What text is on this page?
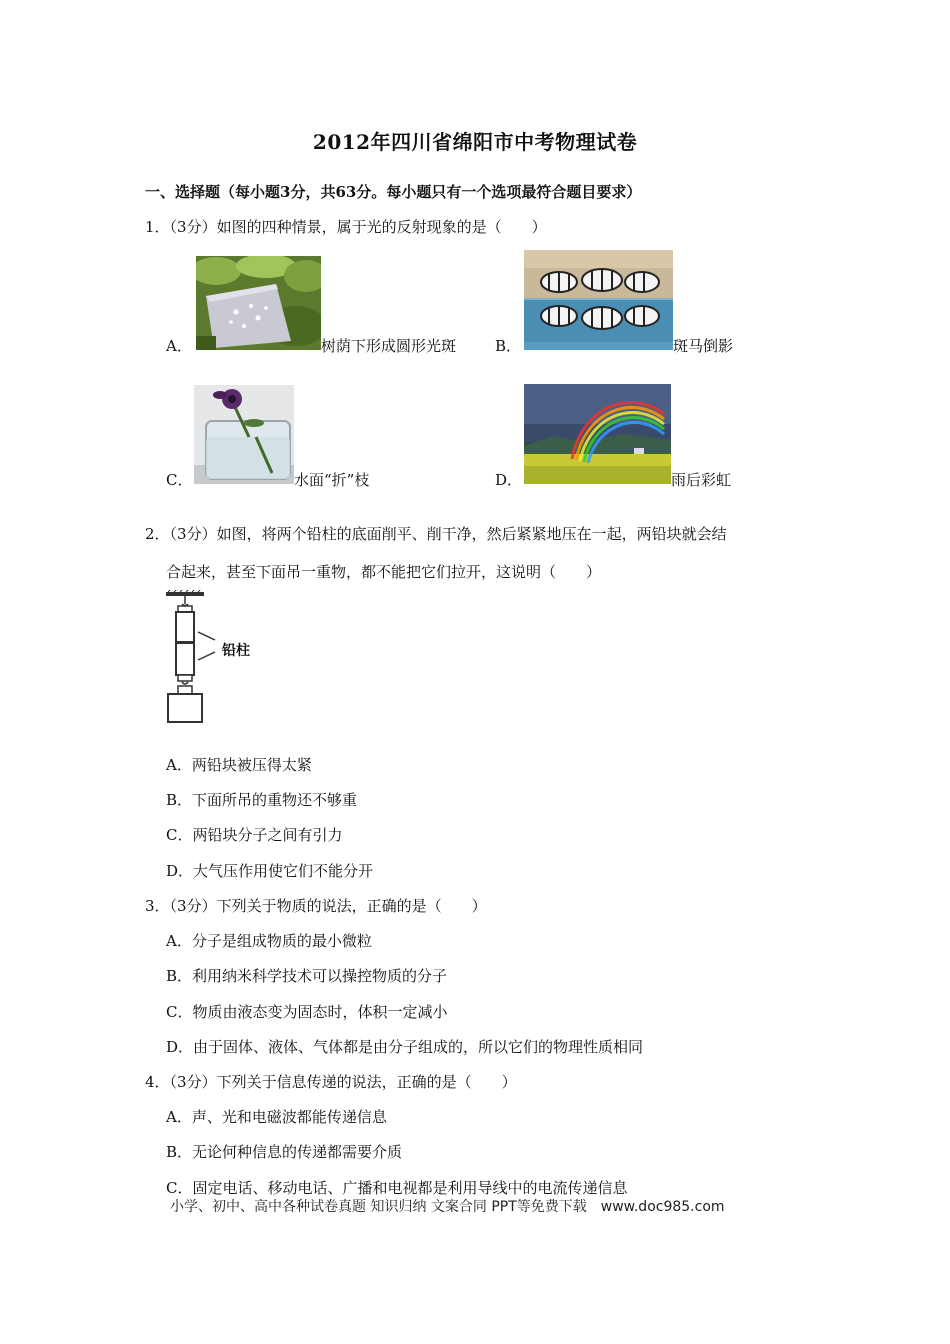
2012年四川省绵阳市中考物理试卷
一、选择题（每小题3分，共63分。每小题只有一个选项最符合题目要求）
1．（3分）如图的四种情景，属于光的反射现象的是（　　）
A．	树荫下形成圆形光斑	B．	斑马倒影
C．	水面“折”枝	D．	雨后彩虹
2．（3分）如图，将两个铅柱的底面削平、削干净，然后紧紧地压在一起，两铅块就会结
合起来，甚至下面吊一重物，都不能把它们拉开，这说明（　　）
铅柱
A．两铅块被压得太紧
B．下面所吊的重物还不够重
C．两铅块分子之间有引力
D．大气压作用使它们不能分开
3．（3分）下列关于物质的说法，正确的是（　　）
A．分子是组成物质的最小微粒
B．利用纳米科学技术可以操控物质的分子
C．物质由液态变为固态时，体积一定减小
D．由于固体、液体、气体都是由分子组成的，所以它们的物理性质相同
4．（3分）下列关于信息传递的说法，正确的是（　　）
A．声、光和电磁波都能传递信息
B．无论何种信息的传递都需要介质
C．固定电话、移动电话、广播和电视都是利用导线中的电流传递信息
小学、初中、高中各种试卷真题 知识归纳 文案合同 PPT等免费下载　www.doc985.com
